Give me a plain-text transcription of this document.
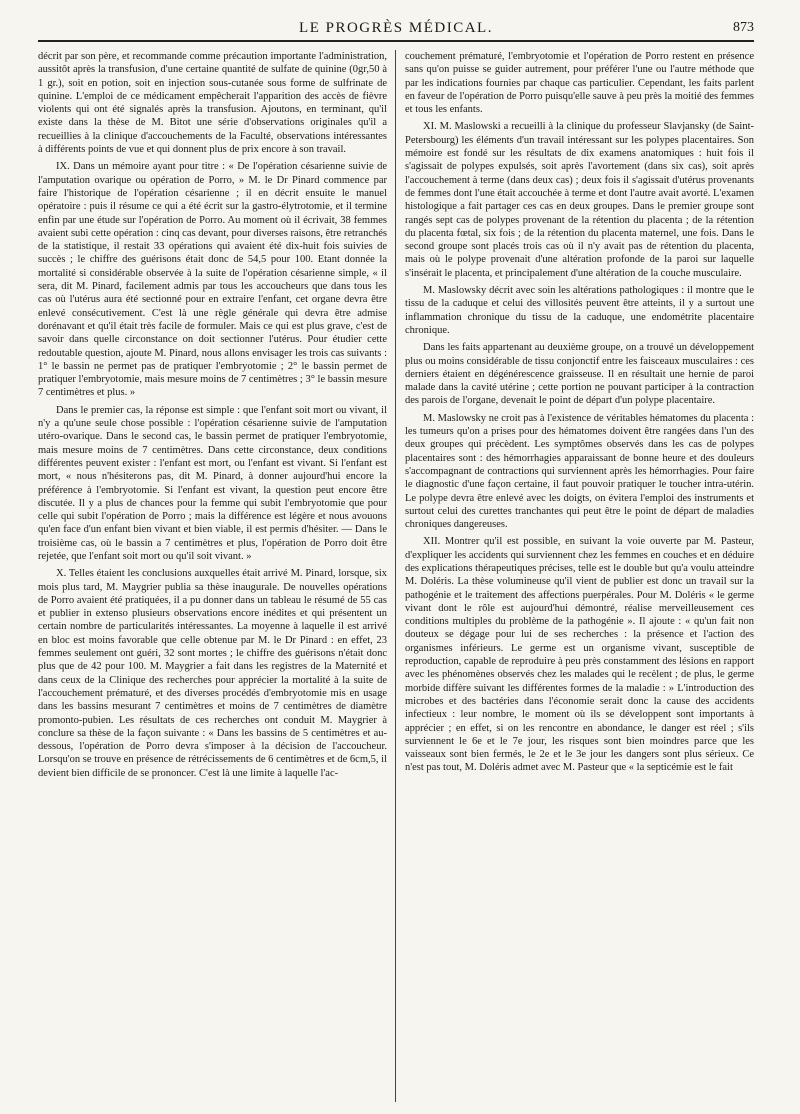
LE PROGRÈS MÉDICAL.	873

décrit par son père, et recommande comme précaution importante l'administration, aussitôt après la transfusion, d'une certaine quantité de sulfate de quinine (0gr,50 à 1 gr.), soit en potion, soit en injection sous-cutanée sous forme de sulfrinate de quinine. L'emploi de ce médicament empêcherait l'apparition des accès de fièvre violents qui ont été signalés après la transfusion. Ajoutons, en terminant, qu'il existe dans la thèse de M. Bitot une série d'observations originales qu'il a recueillies à la clinique d'accouchements de la Faculté, observations intéressantes à différents points de vue et qui donnent plus de prix encore à son travail.

IX. Dans un mémoire ayant pour titre : « De l'opération césarienne suivie de l'amputation ovarique ou opération de Porro, » M. le Dr Pinard commence par faire l'historique de l'opération césarienne ; il en décrit ensuite le manuel opératoire : puis il résume ce qui a été écrit sur la gastro-élytrotomie, et il termine enfin par une étude sur l'opération de Porro. Au moment où il écrivait, 38 femmes avaient subi cette opération : cinq cas devant, pour diverses raisons, être retranchés de la statistique, il restait 33 opérations qui avaient été dix-huit fois suivies de succès ; le chiffre des guérisons était donc de 54,5 pour 100. Etant donnée la mortalité si considérable observée à la suite de l'opération césarienne simple, « il sera, dit M. Pinard, facilement admis par tous les accoucheurs que dans tous les cas où l'utérus aura été sectionné pour en extraire l'enfant, cet organe devra être enlevé consécutivement. C'est là une règle générale qui devra être admise dorénavant et qu'il était très facile de formuler. Mais ce qui est plus grave, c'est de savoir dans quelle circonstance on doit sectionner l'utérus. Pour étudier cette redoutable question, ajoute M. Pinard, nous allons envisager les trois cas suivants : 1° le bassin ne permet pas de pratiquer l'embryotomie ; 2° le bassin permet de pratiquer l'embryotomie, mais mesure moins de 7 centimètres ; 3° le bassin mesure 7 centimètres et plus. »

Dans le premier cas, la réponse est simple : que l'enfant soit mort ou vivant, il n'y a qu'une seule chose possible : l'opération césarienne suivie de l'amputation utéro-ovarique. Dans le second cas, le bassin permet de pratiquer l'embryotomie, mais mesure moins de 7 centimètres. Dans cette circonstance, deux conditions différentes peuvent exister : l'enfant est mort, ou l'enfant est vivant. Si l'enfant est mort, « nous n'hésiterons pas, dit M. Pinard, à donner aujourd'hui encore la préférence à l'embryotomie. Si l'enfant est vivant, la question peut encore être discutée. Il y a plus de chances pour la femme qui subit l'embryotomie que pour celle qui subit l'opération de Porro ; mais la différence est légère et nous avouons qu'en face d'un enfant bien vivant et bien viable, il est permis d'hésiter. — Dans le troisième cas, où le bassin a 7 centimètres et plus, l'opération de Porro doit être rejetée, que l'enfant soit mort ou qu'il soit vivant. »

X. Telles étaient les conclusions auxquelles était arrivé M. Pinard, lorsque, six mois plus tard, M. Maygrier publia sa thèse inaugurale. De nouvelles opérations de Porro avaient été pratiquées, il a pu donner dans un tableau le résumé de 55 cas et publier in extenso plusieurs observations encore inédites et qui présentent un certain nombre de particularités intéressantes. La moyenne à laquelle il est arrivé en bloc est moins favorable que celle obtenue par M. le Dr Pinard : en effet, 23 femmes seulement ont guéri, 32 sont mortes ; le chiffre des guérisons n'était donc plus que de 42 pour 100. M. Maygrier a fait dans les registres de la Maternité et dans ceux de la Clinique des recherches pour apprécier la mortalité à la suite de l'accouchement prématuré, et des diverses procédés d'embryotomie mis en usage dans les bassins mesurant 7 centimètres et moins de 7 centimètres de diamètre promonto-pubien. Les résultats de ces recherches ont conduit M. Maygrier à conclure sa thèse de la façon suivante : « Dans les bassins de 5 centimètres et au-dessous, l'opération de Porro devra s'imposer à la décision de l'accoucheur. Lorsqu'on se trouve en présence de rétrécissements de 6 centimètres et de 6cm,5, il devient bien difficile de se prononcer. C'est là une limite à laquelle l'ac-

couchement prématuré, l'embryotomie et l'opération de Porro restent en présence sans qu'on puisse se guider autrement, pour préférer l'une ou l'autre méthode que par les indications fournies par chaque cas particulier. Cependant, les faits parlent en faveur de l'opération de Porro puisqu'elle sauve à peu près la moitié des femmes et tous les enfants.

XI. M. Maslowski a recueilli à la clinique du professeur Slavjansky (de Saint-Petersbourg) les éléments d'un travail intéressant sur les polypes placentaires. Son mémoire est fondé sur les résultats de dix examens anatomiques : huit fois il s'agissait de polypes expulsés, soit après l'avortement (dans six cas), soit après l'accouchement à terme (dans deux cas) ; deux fois il s'agissait d'utérus provenants de femmes dont l'une était accouchée à terme et dont l'autre avait avorté. L'examen histologique a fait partager ces cas en deux groupes. Dans le premier groupe sont rangés sept cas de polypes provenant de la rétention du placenta ; de la rétention du placenta fœtal, six fois ; de la rétention du placenta maternel, une fois. Dans le second groupe sont placés trois cas où il n'y avait pas de rétention du placenta, mais où le polype provenait d'une altération profonde de la paroi sur laquelle s'insérait le placenta, et principalement d'une altération de la couche musculaire.

M. Maslowsky décrit avec soin les altérations pathologiques : il montre que le tissu de la caduque et celui des villosités peuvent être atteints, il y a surtout une inflammation chronique du tissu de la caduque, une endométrite placentaire chronique.

Dans les faits appartenant au deuxième groupe, on a trouvé un développement plus ou moins considérable de tissu conjonctif entre les faisceaux musculaires : ces derniers étaient en dégénérescence graisseuse. Il en résultait une hernie de paroi malade dans la cavité utérine ; cette portion ne pouvant participer à la contraction des parois de l'organe, devenait le point de départ d'un polype placentaire.

M. Maslowsky ne croit pas à l'existence de véritables hématomes du placenta : les tumeurs qu'on a prises pour des hématomes doivent être rangées dans l'un des deux groupes qui précèdent. Les symptômes observés dans les cas de polypes placentaires sont : des hémorrhagies apparaissant de bonne heure et des douleurs s'accompagnant de contractions qui surviennent après les hémorrhagies. Pour faire le diagnostic d'une façon certaine, il faut pouvoir pratiquer le toucher intra-utérin. Le polype devra être enlevé avec les doigts, on évitera l'emploi des instruments et surtout celui des curettes tranchantes qui peut être le point de départ de maladies chroniques dangereuses.

XII. Montrer qu'il est possible, en suivant la voie ouverte par M. Pasteur, d'expliquer les accidents qui surviennent chez les femmes en couches et en déduire des explications thérapeutiques précises, telle est le double but qu'a voulu atteindre M. Doléris. La thèse volumineuse qu'il vient de publier est donc un travail sur la pathogénie et le traitement des affections puerpérales. Pour M. Doléris « le germe vivant dont le rôle est aujourd'hui démontré, réalise merveilleusement ces conditions multiples du problème de la pathogénie ». Il ajoute : « qu'un fait non douteux se dégage pour lui de ses recherches : la présence et l'action des organismes inférieurs. Le germe est un organisme vivant, susceptible de reproduction, capable de reproduire à peu près constamment des lésions en rapport avec les phénomènes observés chez les malades qui le recèlent ; de plus, le germe morbide diffère suivant les différentes formes de la maladie : » L'introduction des microbes et des bactéries dans l'économie serait donc la cause des accidents infectieux : leur nombre, le moment où ils se développent sont importants à apprécier ; en effet, si on les rencontre en abondance, le danger est réel ; s'ils surviennent le 6e et le 7e jour, les risques sont bien moindres parce que les vaisseaux sont bien fermés, le 2e et le 3e jour les dangers sont plus sérieux. Ce n'est pas tout, M. Doléris admet avec M. Pasteur que « la septicémie est le fait
